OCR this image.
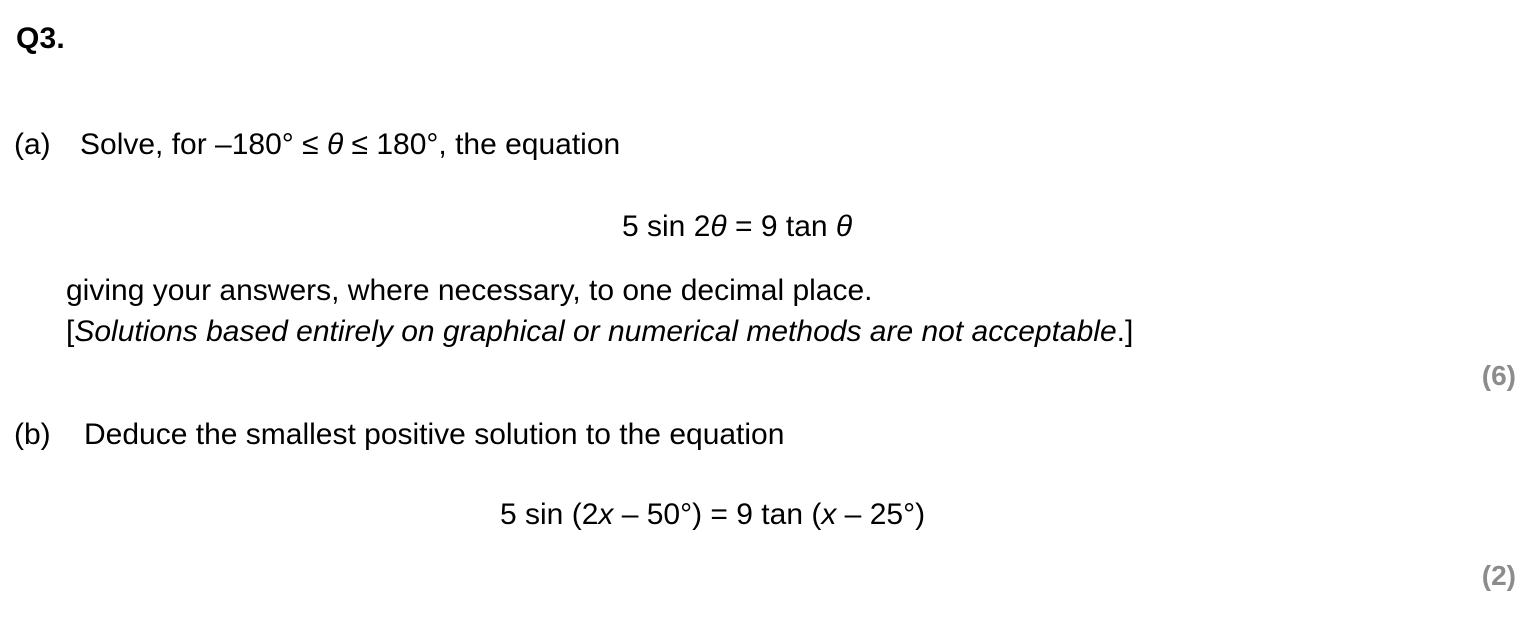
Q3.
(a) Solve, for –180° ≤ θ ≤ 180°, the equation
5 sin 2θ = 9 tan θ
giving your answers, where necessary, to one decimal place.
[Solutions based entirely on graphical or numerical methods are not acceptable.]
(6)
(b) Deduce the smallest positive solution to the equation
5 sin (2x – 50°) = 9 tan (x – 25°)
(2)
